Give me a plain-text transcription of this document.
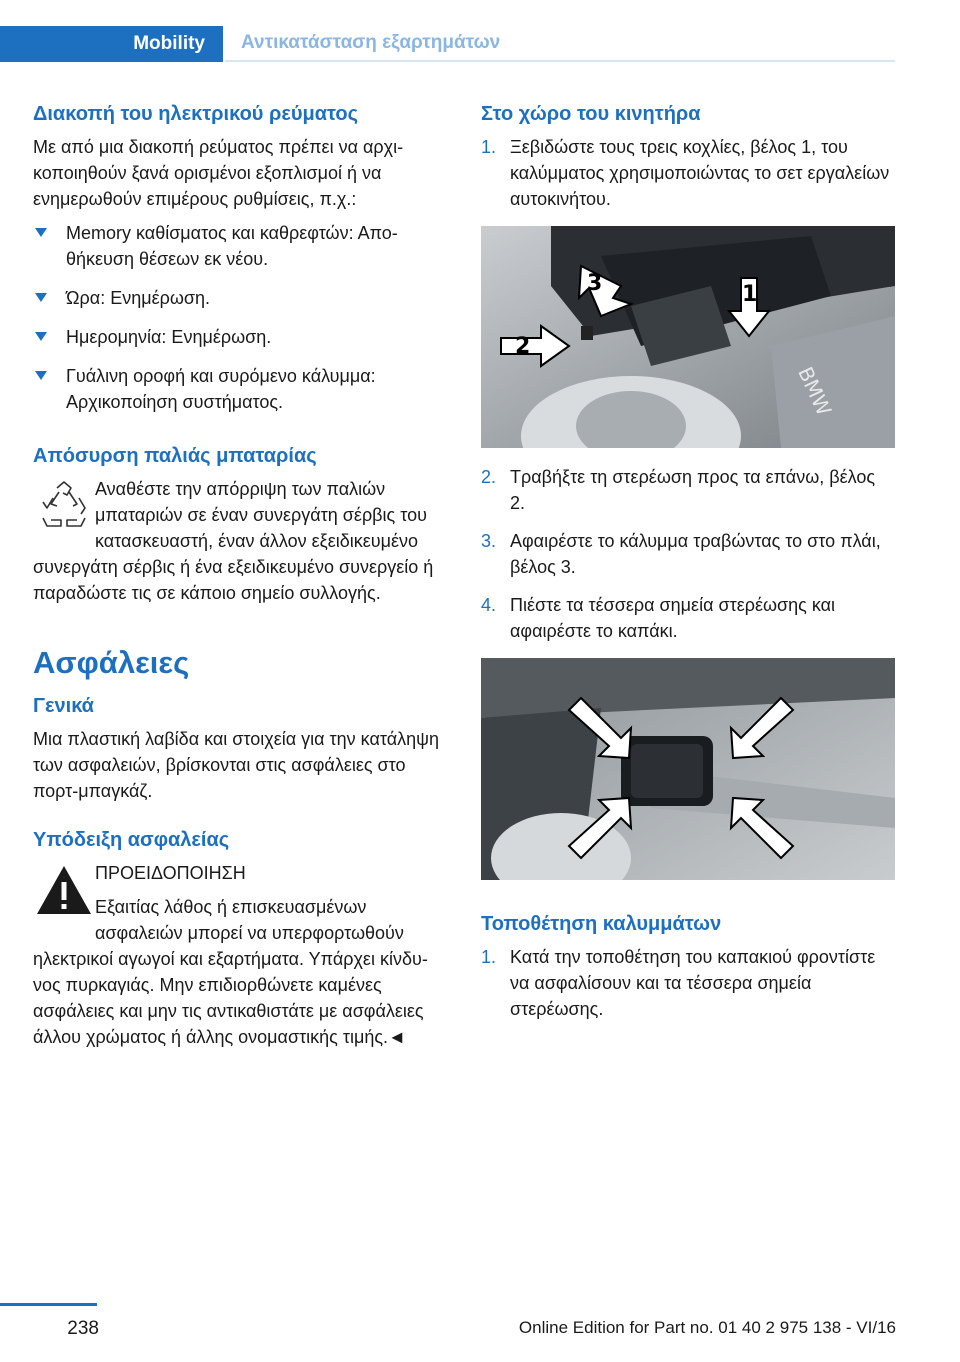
Mobility Αντικατάσταση εξαρτημάτων
Διακοπή του ηλεκτρικού ρεύματος

Με από μια διακοπή ρεύματος πρέπει να αρχικοποιηθούν ξανά ορισμένοι εξοπλισμοί ή να ενημερωθούν επιμέρους ρυθμίσεις, π.χ.:

Memory καθίσματος και καθρεφτών: Αποθήκευση θέσεων εκ νέου.
Ώρα: Ενημέρωση.
Ημερομηνία: Ενημέρωση.
Γυάλινη οροφή και συρόμενο κάλυμμα: Αρχικοποίηση συστήματος.
Απόσυρση παλιάς μπαταρίας

Αναθέστε την απόρριψη των παλιών μπαταριών σε έναν συνεργάτη σέρβις του κατασκευαστή, έναν άλλον εξειδικευμένο συνεργάτη σέρβις ή ένα εξειδικευμένο συνεργείο ή παραδώστε τις σε κάποιο σημείο συλλογής.

Ασφάλειες
Γενικά

Μια πλαστική λαβίδα και στοιχεία για την κατάληψη των ασφαλειών, βρίσκονται στις ασφάλειες στο πορτ-μπαγκάζ.

Υπόδειξη ασφαλείας

ΠΡΟΕΙΔΟΠΟΙΗΣΗ

Εξαιτίας λάθος ή επισκευασμένων ασφαλειών μπορεί να υπερφορτωθούν ηλεκτρικοί αγωγοί και εξαρτήματα. Υπάρχει κίνδυνος πυρκαγιάς. Μην επιδιορθώνετε καμένες ασφάλειες και μην τις αντικαθιστάτε με ασφάλειες άλλου χρώματος ή άλλης ονομαστικής τιμής.◄

Στο χώρο του κινητήρα
1. Ξεβιδώστε τους τρεις κοχλίες, βέλος 1, του καλύμματος χρησιμοποιώντας το σετ εργαλείων αυτοκινήτου.
BMW
1
2
3
2. Τραβήξτε τη στερέωση προς τα επάνω, βέλος 2.
3. Αφαιρέστε το κάλυμμα τραβώντας το στο πλάι, βέλος 3.
4. Πιέστε τα τέσσερα σημεία στερέωσης και αφαιρέστε το καπάκι.
Τοποθέτηση καλυμμάτων
1. Κατά την τοποθέτηση του καπακιού φροντίστε να ασφαλίσουν και τα τέσσερα σημεία στερέωσης.
238	Online Edition for Part no. 01 40 2 975 138 - VI/16
